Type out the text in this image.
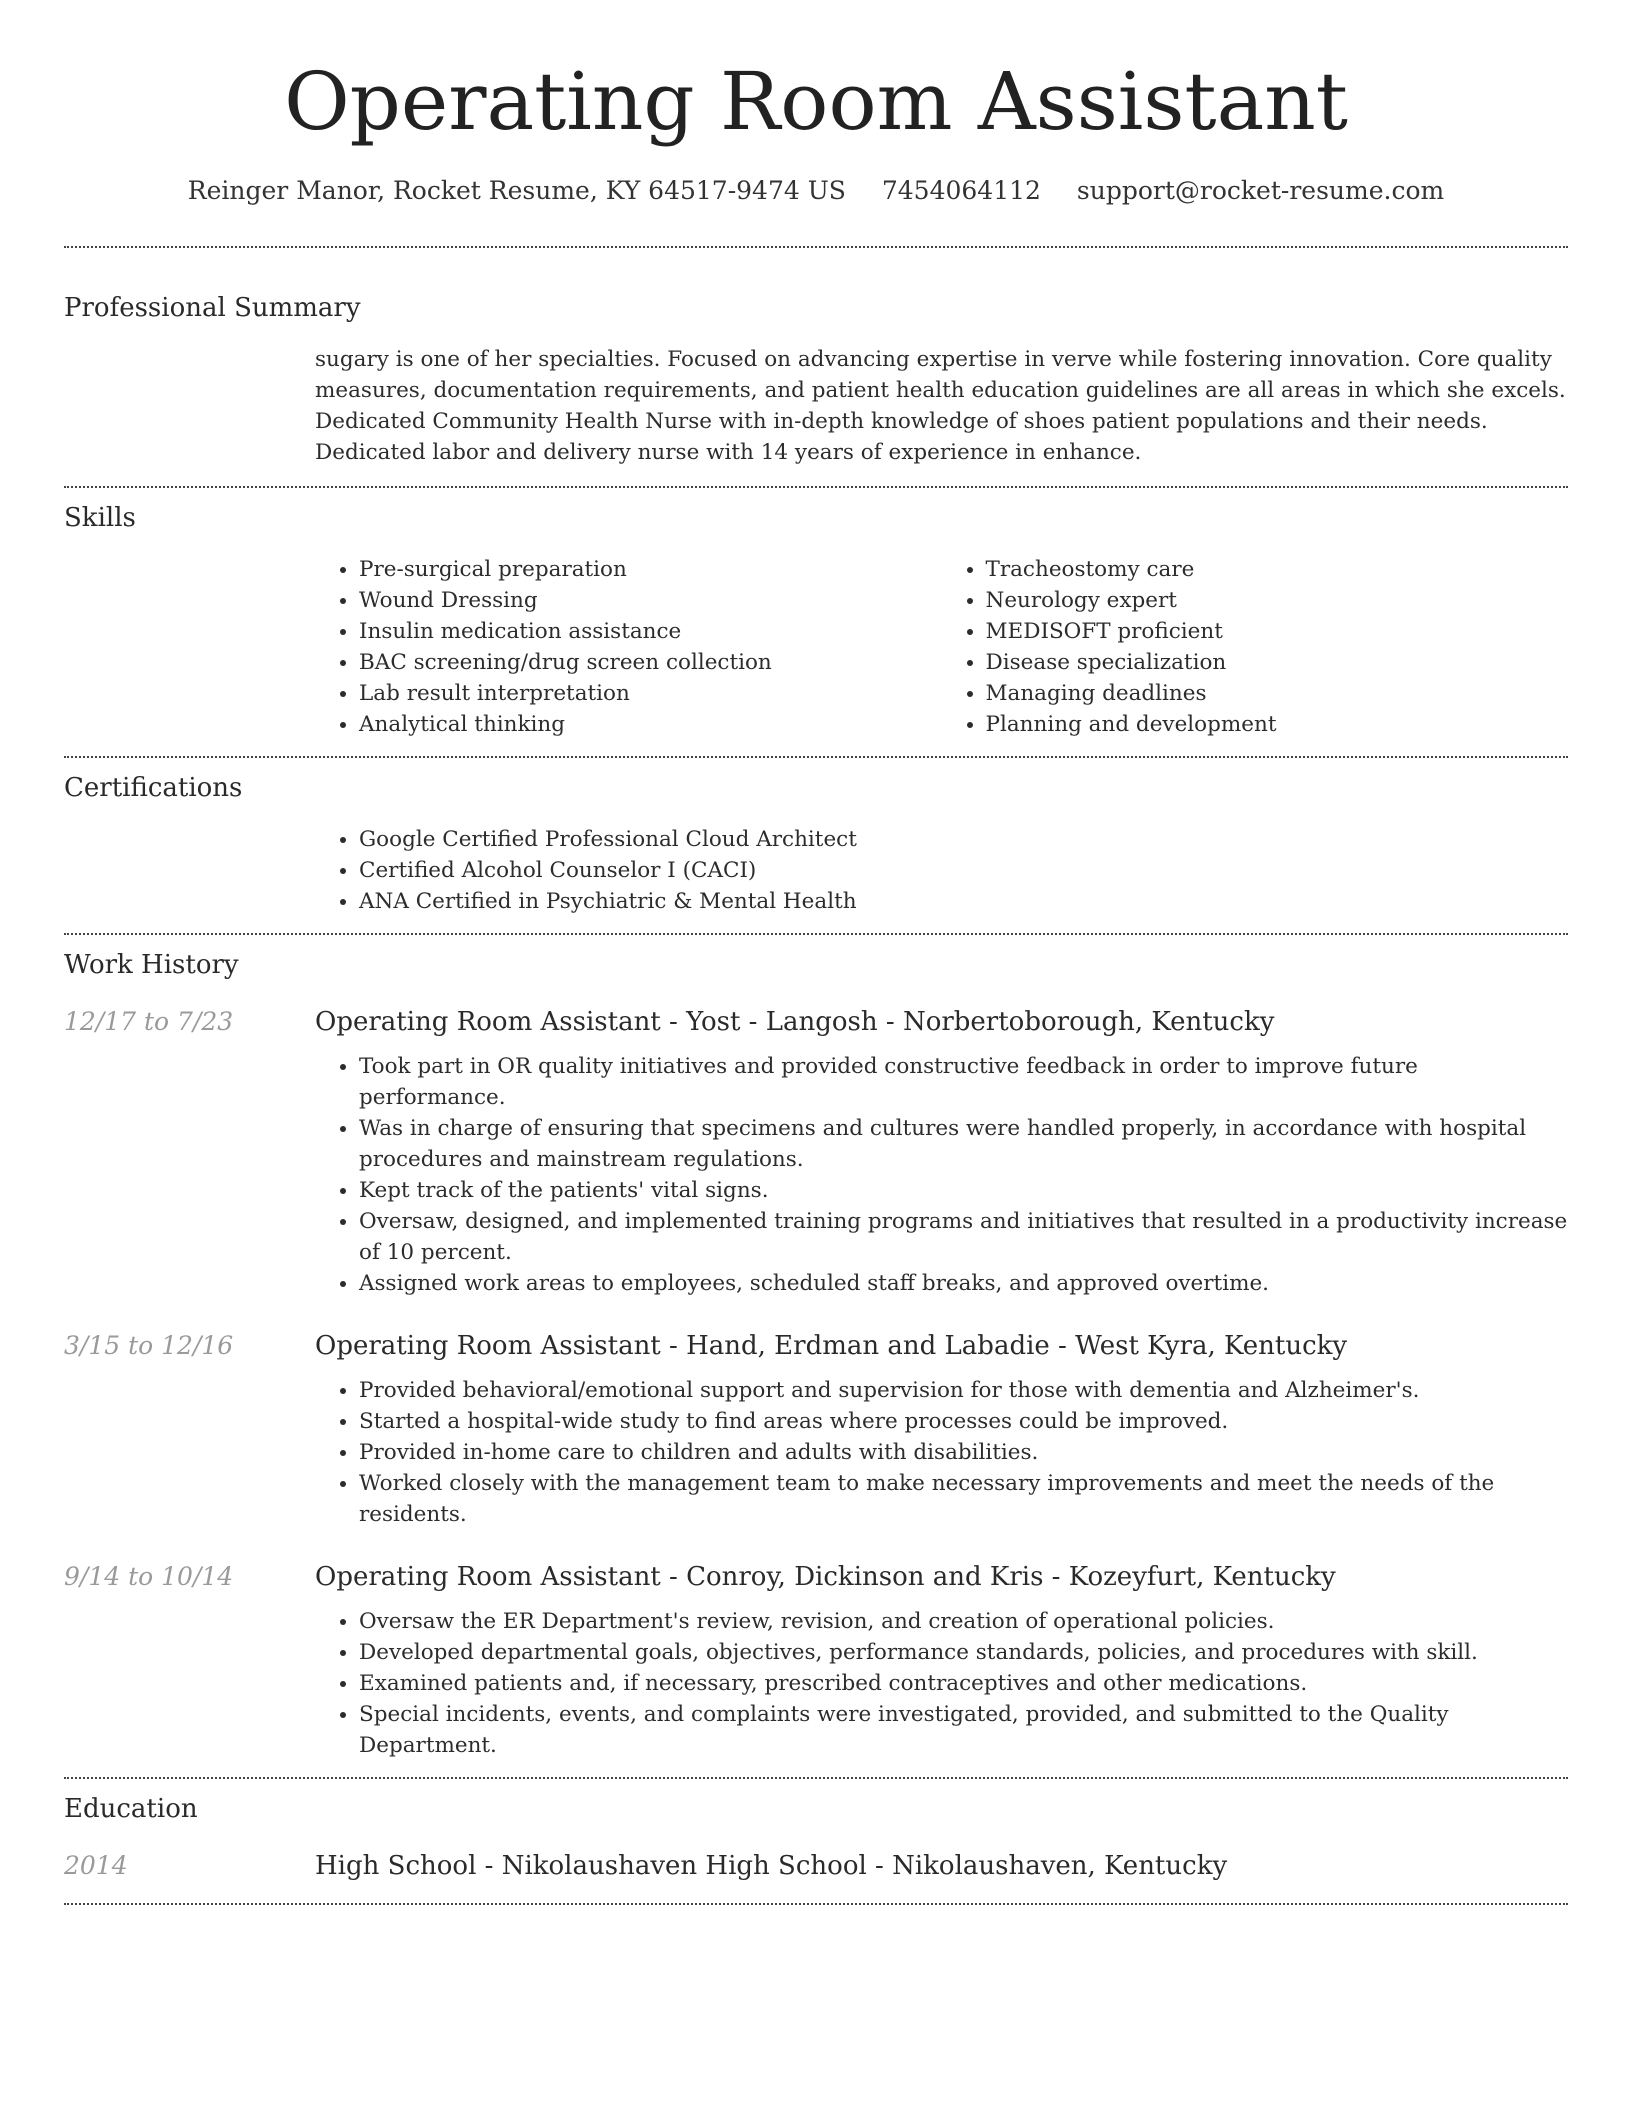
Operating Room Assistant
Reinger Manor, Rocket Resume, KY 64517-9474 US 7454064112 support@rocket-resume.com
Professional Summary
sugary is one of her specialties. Focused on advancing expertise in verve while fostering innovation. Core quality measures, documentation requirements, and patient health education guidelines are all areas in which she excels. Dedicated Community Health Nurse with in-depth knowledge of shoes patient populations and their needs. Dedicated labor and delivery nurse with 14 years of experience in enhance.
Skills
• Pre-surgical preparation
• Wound Dressing
• Insulin medication assistance
• BAC screening/drug screen collection
• Lab result interpretation
• Analytical thinking
• Tracheostomy care
• Neurology expert
• MEDISOFT proficient
• Disease specialization
• Managing deadlines
• Planning and development
Certifications
• Google Certified Professional Cloud Architect
• Certified Alcohol Counselor I (CACI)
• ANA Certified in Psychiatric & Mental Health
Work History
12/17 to 7/23	Operating Room Assistant - Yost - Langosh - Norbertoborough, Kentucky
• Took part in OR quality initiatives and provided constructive feedback in order to improve future performance.
• Was in charge of ensuring that specimens and cultures were handled properly, in accordance with hospital procedures and mainstream regulations.
• Kept track of the patients' vital signs.
• Oversaw, designed, and implemented training programs and initiatives that resulted in a productivity increase of 10 percent.
• Assigned work areas to employees, scheduled staff breaks, and approved overtime.
3/15 to 12/16	Operating Room Assistant - Hand, Erdman and Labadie - West Kyra, Kentucky
• Provided behavioral/emotional support and supervision for those with dementia and Alzheimer's.
• Started a hospital-wide study to find areas where processes could be improved.
• Provided in-home care to children and adults with disabilities.
• Worked closely with the management team to make necessary improvements and meet the needs of the residents.
9/14 to 10/14	Operating Room Assistant - Conroy, Dickinson and Kris - Kozeyfurt, Kentucky
• Oversaw the ER Department's review, revision, and creation of operational policies.
• Developed departmental goals, objectives, performance standards, policies, and procedures with skill.
• Examined patients and, if necessary, prescribed contraceptives and other medications.
• Special incidents, events, and complaints were investigated, provided, and submitted to the Quality Department.
Education
2014	High School - Nikolaushaven High School - Nikolaushaven, Kentucky
